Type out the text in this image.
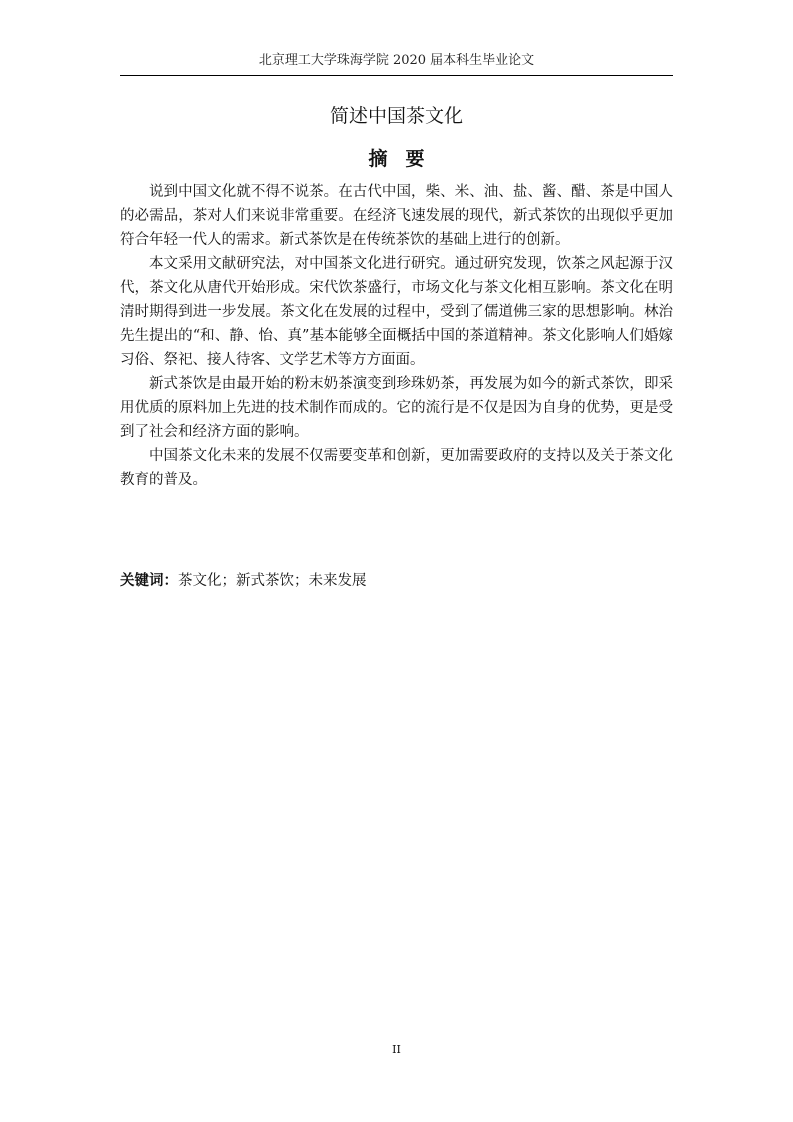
北京理工大学珠海学院 2020 届本科生毕业论文
简述中国茶文化
摘要

说到中国文化就不得不说茶。在古代中国，柴、米、油、盐、酱、醋、茶是中国人的必需品，茶对人们来说非常重要。在经济飞速发展的现代，新式茶饮的出现似乎更加符合年轻一代人的需求。新式茶饮是在传统茶饮的基础上进行的创新。

本文采用文献研究法，对中国茶文化进行研究。通过研究发现，饮茶之风起源于汉代，茶文化从唐代开始形成。宋代饮茶盛行，市场文化与茶文化相互影响。茶文化在明清时期得到进一步发展。茶文化在发展的过程中，受到了儒道佛三家的思想影响。林治先生提出的“和、静、怡、真”基本能够全面概括中国的茶道精神。茶文化影响人们婚嫁习俗、祭祀、接人待客、文学艺术等方方面面。

新式茶饮是由最开始的粉末奶茶演变到珍珠奶茶，再发展为如今的新式茶饮，即采用优质的原料加上先进的技术制作而成的。它的流行是不仅是因为自身的优势，更是受到了社会和经济方面的影响。

中国茶文化未来的发展不仅需要变革和创新，更加需要政府的支持以及关于茶文化教育的普及。

关键词：茶文化；新式茶饮；未来发展
II
